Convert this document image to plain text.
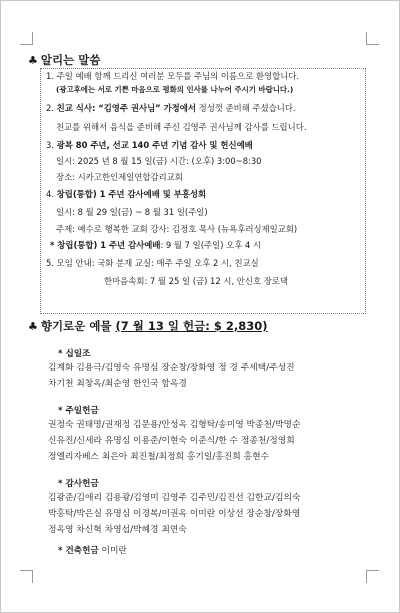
♣ 알리는 말씀
1. 주일 예배 함께 드리신 여러분 모두를 주님의 이름으로 환영합니다.
(광고후에는 서로 기쁜 마음으로 평화의 인사를 나누어 주시기 바랍니다.)
2. 친교 식사: “김영주 권사님” 가정에서 정성껏 준비해 주셨습니다.
친교를 위해서 음식을 준비해 주신 김영주 권사님께 감사를 드립니다.
3. 광복 80 주년, 선교 140 주년 기념 감사 및 헌신예배
일시: 2025 년 8 월 15 일(금) 시간: (오후) 3:00~8:30
장소: 시카고한인제일연합감리교회
4. 창립(통합) 1 주년 감사예배 및 부흥성회
일시: 8 월 29 일(금) ~ 8 월 31 일(주일)
주제: 예수로 행복한 교회 강사: 김정호 목사 (뉴욕후러싱제일교회)
* 창립(통합) 1 주년 감사예배: 9 월 7 일(주일) 오후 4 시
5. 모임 안내: 국화 분재 교실: 매주 주일 오후 2 시, 친교실
한마음속회: 7 월 25 일 (금) 12 시, 안신호 장로댁
♣ 향기로운 예물 (7 월 13 일 헌금: $ 2,830)
* 십일조
김계화 김용극/김영숙 유명심 장순창/장화영 정 경 주세택/주성진
차기천 최창옥/최순영 한인국 함옥경
* 주일헌금
권정숙 권태명/권재정 김문용/안성옥 김형탁/송미영 박종천/박명순
신유진/신세라 유명심 이용준/이현숙 이준식/한 수 정종천/정영희
정엘리자베스 최은아 최진철/최정희 홍기일/홍진희 홍현수
* 감사헌금
김광준/김애리 김용광/김영미 김영주 김주민/김진선 김한교/김의숙
박홍탁/박은실 유명심 이경복/이권옥 이미란 이상선 장순창/장화영
정옥영 차신혁 차영섭/박혜경 최연숙
* 건축헌금 이미란
